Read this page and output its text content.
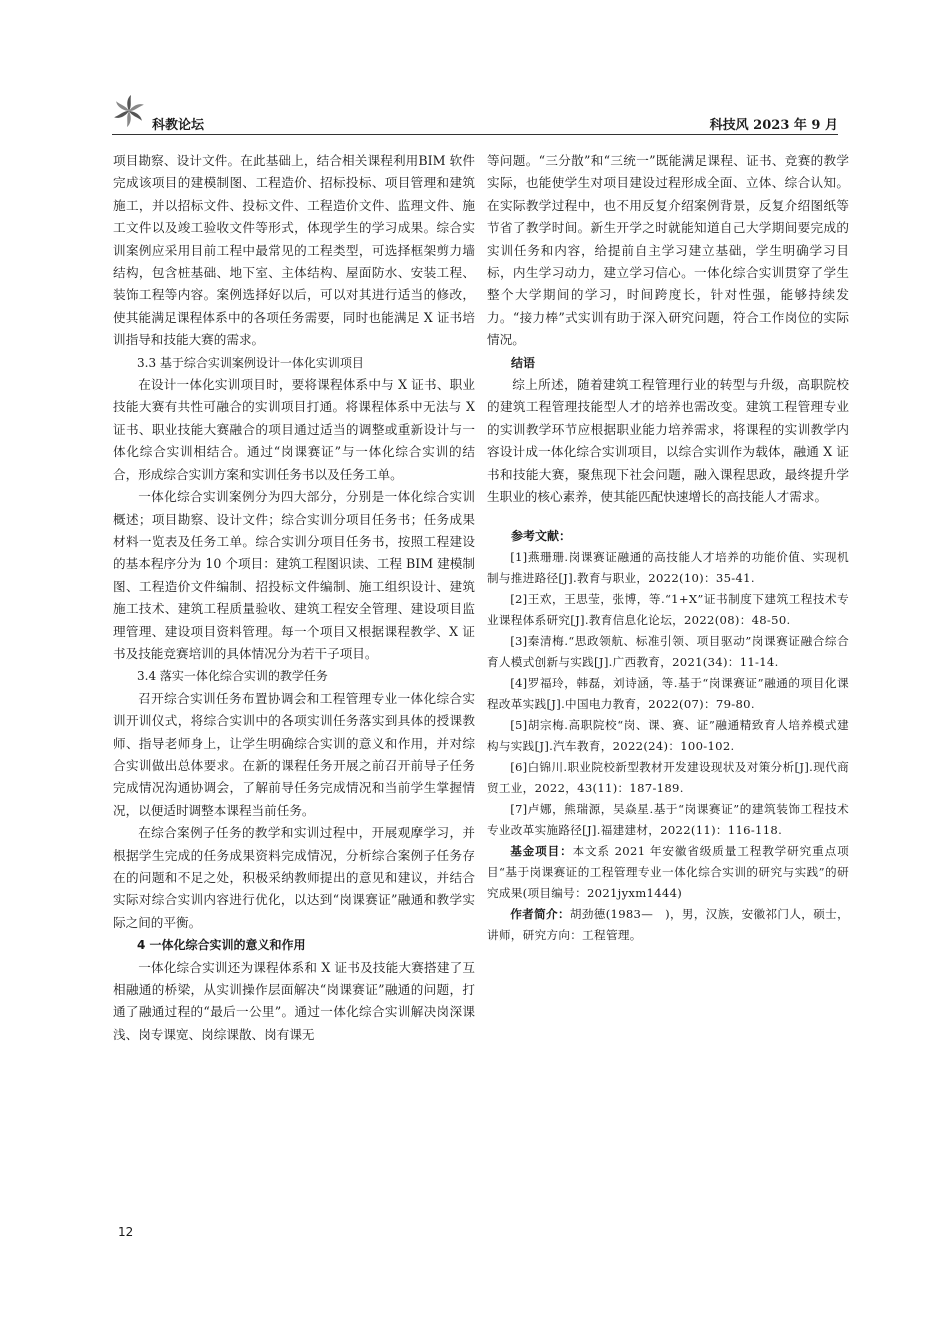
科教论坛	科技风 2023 年 9 月

项目勘察、设计文件。在此基础上，结合相关课程利用BIM 软件完成该项目的建模制图、工程造价、招标投标、项目管理和建筑施工，并以招标文件、投标文件、工程造价文件、监理文件、施工文件以及竣工验收文件等形式，体现学生的学习成果。综合实训案例应采用目前工程中最常见的工程类型，可选择框架剪力墙结构，包含桩基础、地下室、主体结构、屋面防水、安装工程、装饰工程等内容。案例选择好以后，可以对其进行适当的修改，使其能满足课程体系中的各项任务需要，同时也能满足 X 证书培训指导和技能大赛的需求。

3.3 基于综合实训案例设计一体化实训项目

在设计一体化实训项目时，要将课程体系中与 X 证书、职业技能大赛有共性可融合的实训项目打通。将课程体系中无法与 X 证书、职业技能大赛融合的项目通过适当的调整或重新设计与一体化综合实训相结合。通过“岗课赛证”与一体化综合实训的结合，形成综合实训方案和实训任务书以及任务工单。

一体化综合实训案例分为四大部分，分别是一体化综合实训概述；项目勘察、设计文件；综合实训分项目任务书；任务成果材料一览表及任务工单。综合实训分项目任务书，按照工程建设的基本程序分为 10 个项目：建筑工程图识读、工程 BIM 建模制图、工程造价文件编制、招投标文件编制、施工组织设计、建筑施工技术、建筑工程质量验收、建筑工程安全管理、建设项目监理管理、建设项目资料管理。每一个项目又根据课程教学、X 证书及技能竞赛培训的具体情况分为若干子项目。

3.4 落实一体化综合实训的教学任务

召开综合实训任务布置协调会和工程管理专业一体化综合实训开训仪式，将综合实训中的各项实训任务落实到具体的授课教师、指导老师身上，让学生明确综合实训的意义和作用，并对综合实训做出总体要求。在新的课程任务开展之前召开前导子任务完成情况沟通协调会，了解前导任务完成情况和当前学生掌握情况，以便适时调整本课程当前任务。

在综合案例子任务的教学和实训过程中，开展观摩学习，并根据学生完成的任务成果资料完成情况，分析综合案例子任务存在的问题和不足之处，积极采纳教师提出的意见和建议，并结合实际对综合实训内容进行优化，以达到“岗课赛证”融通和教学实际之间的平衡。

4 一体化综合实训的意义和作用

一体化综合实训还为课程体系和 X 证书及技能大赛搭建了互相融通的桥梁，从实训操作层面解决“岗课赛证”融通的问题，打通了融通过程的“最后一公里”。通过一体化综合实训解决岗深课浅、岗专课宽、岗综课散、岗有课无

等问题。“三分散”和“三统一”既能满足课程、证书、竞赛的教学实际，也能使学生对项目建设过程形成全面、立体、综合认知。在实际教学过程中，也不用反复介绍案例背景，反复介绍图纸等节省了教学时间。新生开学之时就能知道自己大学期间要完成的实训任务和内容，给提前自主学习建立基础，学生明确学习目标，内生学习动力，建立学习信心。一体化综合实训贯穿了学生整个大学期间的学习，时间跨度长，针对性强，能够持续发力。“接力棒”式实训有助于深入研究问题，符合工作岗位的实际情况。

结语

综上所述，随着建筑工程管理行业的转型与升级，高职院校的建筑工程管理技能型人才的培养也需改变。建筑工程管理专业的实训教学环节应根据职业能力培养需求，将课程的实训教学内容设计成一体化综合实训项目，以综合实训作为载体，融通 X 证书和技能大赛，聚焦现下社会问题，融入课程思政，最终提升学生职业的核心素养，使其能匹配快速增长的高技能人才需求。

参考文献：

[1]燕珊珊.岗课赛证融通的高技能人才培养的功能价值、实现机制与推进路径[J].教育与职业，2022(10)：35-41.

[2]王欢，王思莹，张博，等.“1+X”证书制度下建筑工程技术专业课程体系研究[J].教育信息化论坛，2022(08)：48-50.

[3]秦清梅.“思政领航、标准引领、项目驱动”岗课赛证融合综合育人模式创新与实践[J].广西教育，2021(34)：11-14.

[4]罗福玲，韩磊，刘诗涵，等.基于“岗课赛证”融通的项目化课程改革实践[J].中国电力教育，2022(07)：79-80.

[5]胡宗梅.高职院校“岗、课、赛、证”融通精致育人培养模式建构与实践[J].汽车教育，2022(24)：100-102.

[6]白锦川.职业院校新型教材开发建设现状及对策分析[J].现代商贸工业，2022，43(11)：187-189.

[7]卢娜，熊瑞源，吴焱星.基于“岗课赛证”的建筑装饰工程技术专业改革实施路径[J].福建建材，2022(11)：116-118.

基金项目：本文系 2021 年安徽省级质量工程教学研究重点项目“基于岗课赛证的工程管理专业一体化综合实训的研究与实践”的研究成果(项目编号：2021jyxm1444)

作者简介：胡劲德(1983—　)，男，汉族，安徽祁门人，硕士，讲师，研究方向：工程管理。

12
